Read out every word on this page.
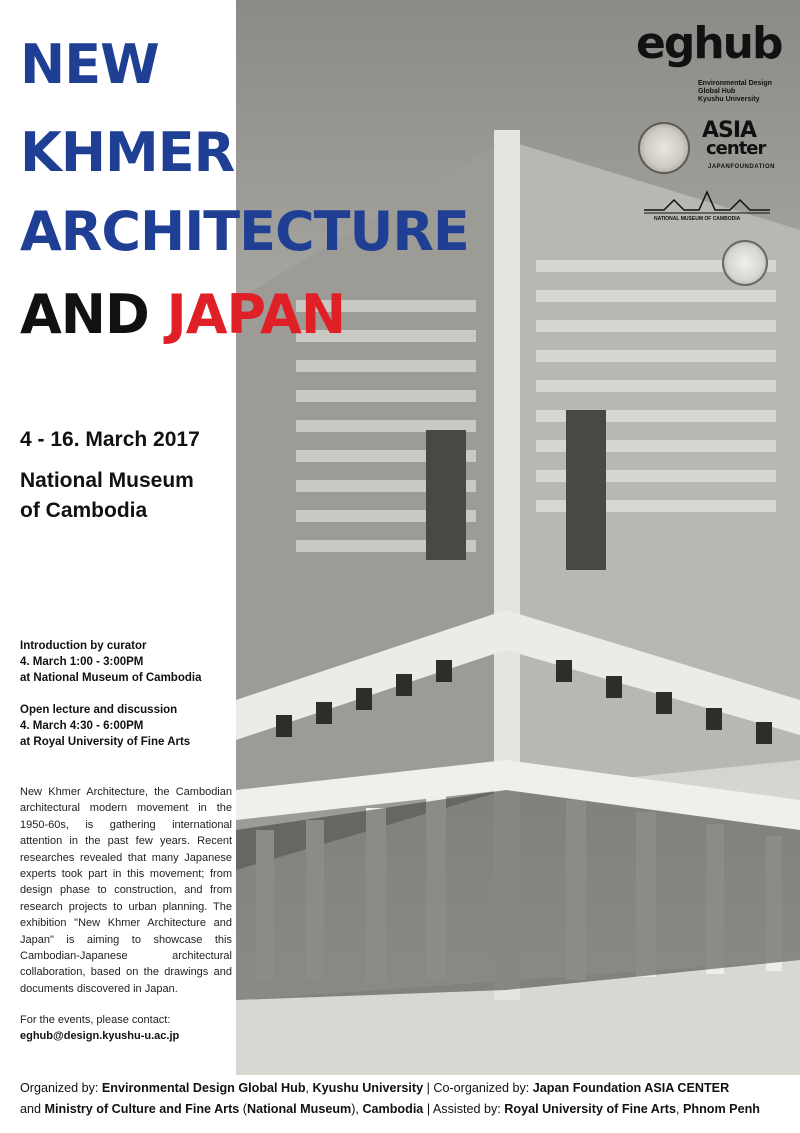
eghub
Environmental Design
Global Hub
Kyushu University
ASIA
center
JAPANFOUNDATION
NATIONAL MUSEUM OF CAMBODIA
NEW
KHMER
ARCHITECTURE
AND JAPAN
4 - 16. March 2017
National Museum
of Cambodia
Introduction by curator
4. March 1:00 - 3:00PM
at National Museum of Cambodia
Open lecture and discussion
4. March 4:30 - 6:00PM
at Royal University of Fine Arts

New Khmer Architecture, the Cambodian architectural modern movement in the 1950-60s, is gathering international attention in the past few years. Recent researches revealed that many Japanese experts took part in this movement; from design phase to construction, and from research projects to urban planning. The exhibition "New Khmer Architecture and Japan" is aiming to showcase this Cambodian-Japanese architectural collaboration, based on the drawings and documents discovered in Japan.

For the events, please contact:
eghub@design.kyushu-u.ac.jp
Organized by: Environmental Design Global Hub, Kyushu University | Co-organized by: Japan Foundation ASIA CENTER
and Ministry of Culture and Fine Arts (National Museum), Cambodia | Assisted by: Royal University of Fine Arts, Phnom Penh
